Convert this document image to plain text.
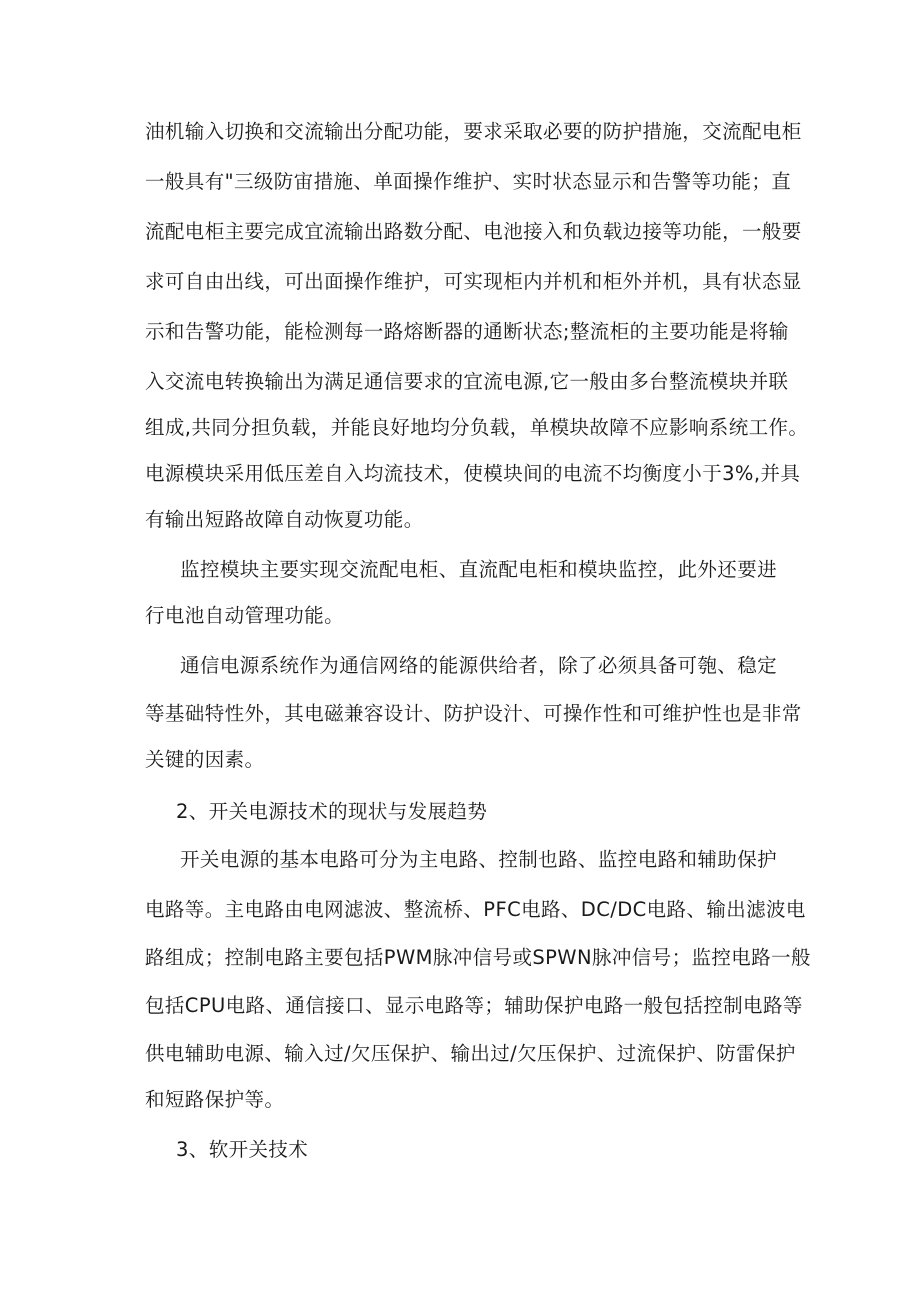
油机输入切换和交流输出分配功能，要求采取必要的防护措施，交流配电柜
一般具有"三级防宙措施、单面操作维护、实时状态显示和告警等功能；直
流配电柜主要完成宜流输出路数分配、电池接入和负载边接等功能，一般要
求可自由出线，可出面操作维护，可实现柜内并机和柜外并机，具有状态显
示和告警功能，能检测每一路熔断器的通断状态;整流柜的主要功能是将输
入交流电转换输出为满足通信要求的宜流电源,它一般由多台整流模块并联
组成,共同分担负载，并能良好地均分负载，单模块故障不应影响系统工作。
电源模块采用低压差自入均流技术，使模块间的电流不均衡度小于3%,并具
有输出短路故障自动恢夏功能。
监控模块主要实现交流配电柜、直流配电柜和模块监控，此外还要进
行电池自动管理功能。
通信电源系统作为通信网络的能源供给者，除了必须具备可匏、稳定
等基础特性外，其电磁兼容设计、防护设汁、可操作性和可维护性也是非常
关键的因素。
2、开关电源技术的现状与发展趋势
开关电源的基本电路可分为主电路、控制也路、监控电路和辅助保护
电路等。主电路由电网滤波、整流桥、PFC电路、DC/DC电路、输出滤波电
路组成；控制电路主要包括PWM脉冲信号或SPWN脉冲信号；监控电路一般
包括CPU电路、通信接口、显示电路等；辅助保护电路一般包括控制电路等
供电辅助电源、输入过/欠压保护、输出过/欠压保护、过流保护、防雷保护
和短路保护等。
3、软开关技术
